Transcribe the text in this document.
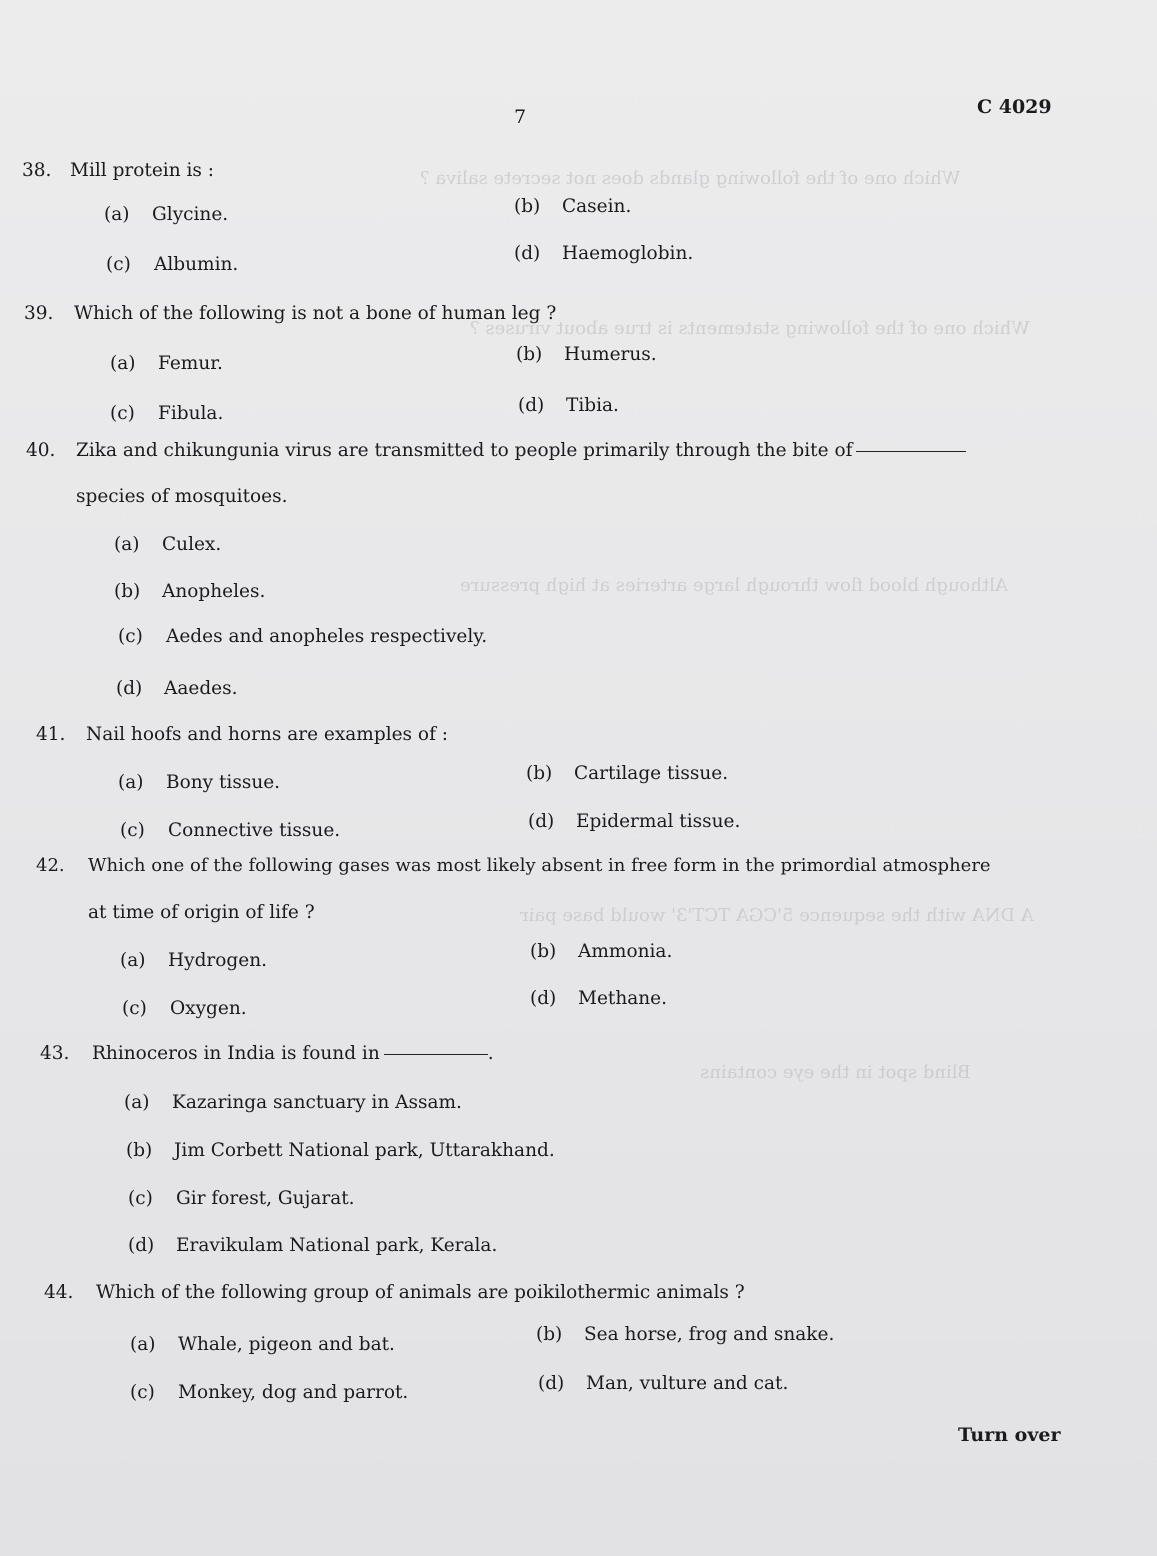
Which one of the following glands does not secrete saliva ?
Which one of the following statements is true about viruses ?
Although blood flow through large arteries at high pressure
A DNA with the sequence 5'CGA TCT'3' would base pair
Blind spot in the eye contains
7	C 4029
38. Mill protein is :
(a) Glycine.	(b) Casein.
(c) Albumin.
(d) Haemoglobin.
39. Which of the following is not a bone of human leg ?
(a) Femur.	(b) Humerus.
(c) Fibula.	(d) Tibia.
40. Zika and chikungunia virus are transmitted to people primarily through the bite of
species of mosquitoes.
(a) Culex.
(b) Anopheles.
(c) Aedes and anopheles respectively.
(d) Aaedes.
41. Nail hoofs and horns are examples of :
(a) Bony tissue.	(b) Cartilage tissue.
(c) Connective tissue.	(d) Epidermal tissue.
42. Which one of the following gases was most likely absent in free form in the primordial atmosphere
at time of origin of life ?
(a) Hydrogen.	(b) Ammonia.
(c) Oxygen.	(d) Methane.
43. Rhinoceros in India is found in	.
(a) Kazaringa sanctuary in Assam.
(b) Jim Corbett National park, Uttarakhand.
(c) Gir forest, Gujarat.
(d) Eravikulam National park, Kerala.
44. Which of the following group of animals are poikilothermic animals ?
(a) Whale, pigeon and bat.	(b) Sea horse, frog and snake.
(c) Monkey, dog and parrot.	(d) Man, vulture and cat.
Turn over
